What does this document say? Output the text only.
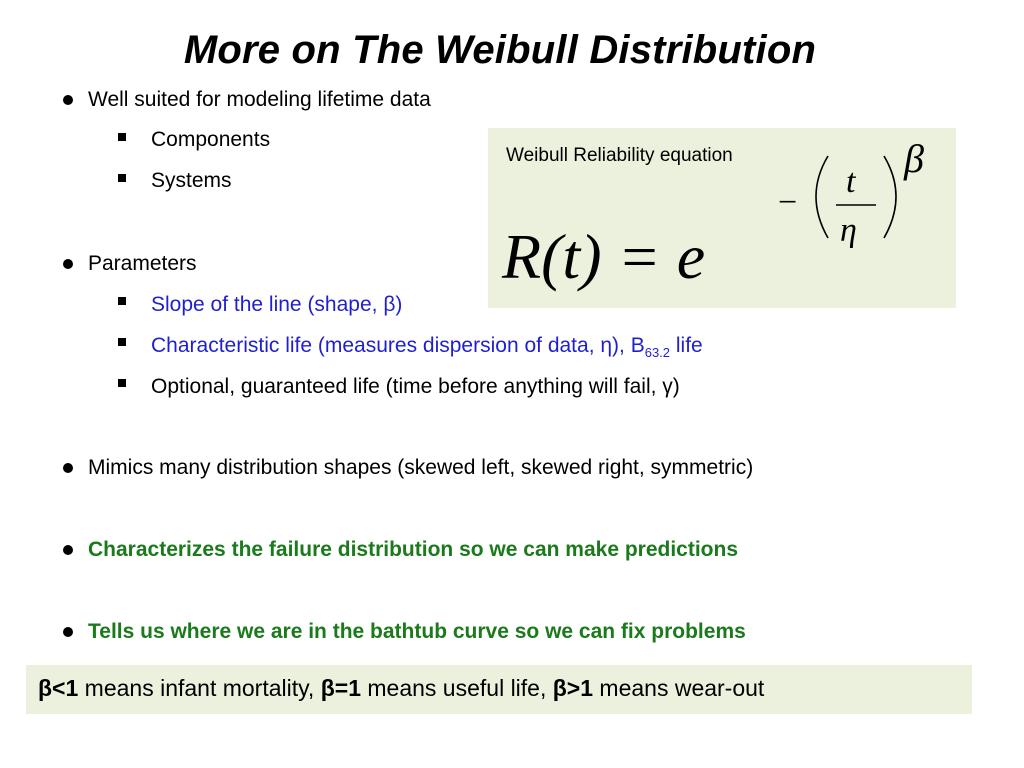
More on The Weibull Distribution
Well suited for modeling lifetime data
Components
Systems
Parameters
Slope of the line (shape, β)
Characteristic life (measures dispersion of data, η), $B_{63.2}$ life
Optional, guaranteed life (time before anything will fail, γ)
Mimics many distribution shapes (skewed left, skewed right, symmetric)
Characterizes the failure distribution so we can make predictions
Tells us where we are in the bathtub curve so we can fix problems
Weibull Reliability equation
R(t) = e
−
t
η
β
β<1 means infant mortality, β=1 means useful life, β>1 means wear-out
